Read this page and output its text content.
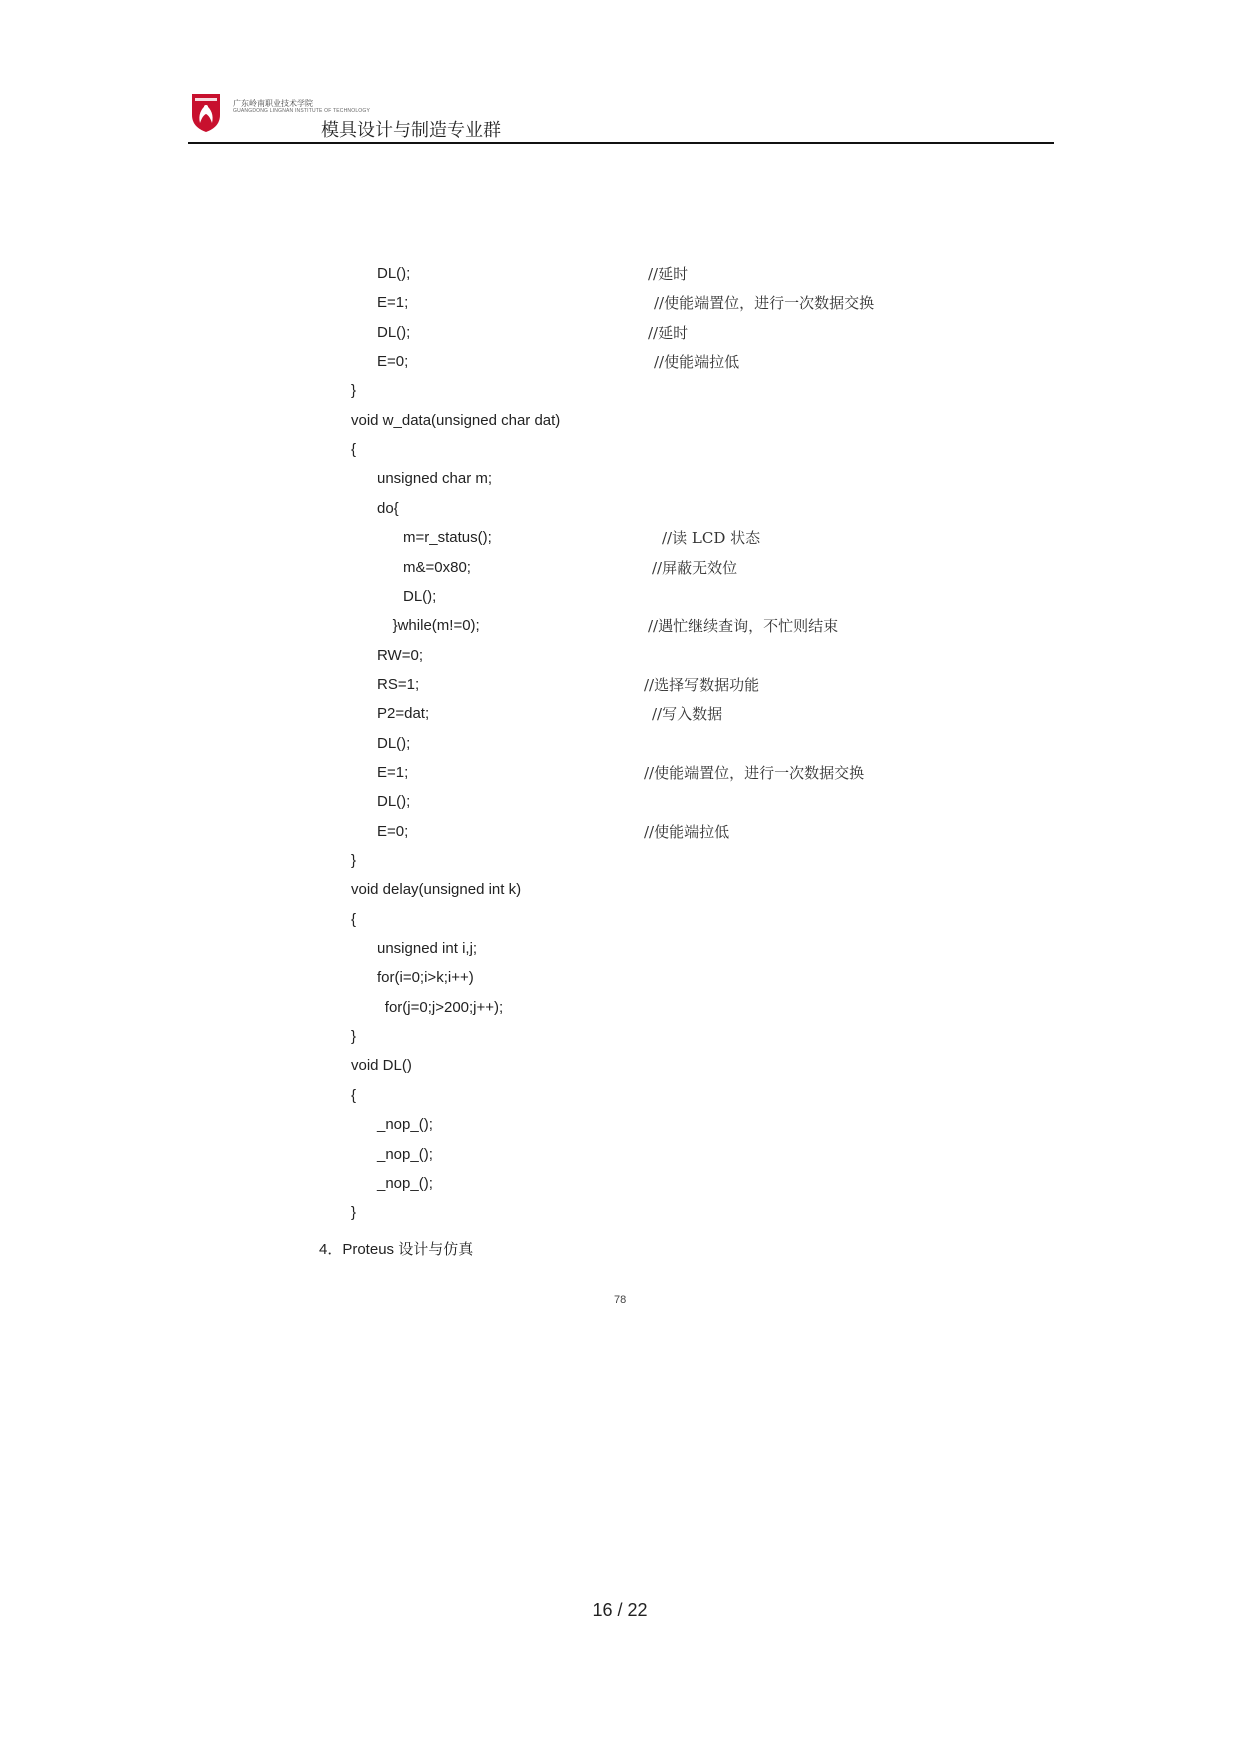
广东岭南职业技术学院
GUANGDONG LINGNAN INSTITUTE OF TECHNOLOGY
模具设计与制造专业群
DL();	//延时
E=1;	//使能端置位，进行一次数据交换
DL();	//延时
E=0;	//使能端拉低
}
void w_data(unsigned char dat)
{
unsigned char m;
do{
m=r_status();	//读 LCD 状态
m&=0x80;	//屏蔽无效位
DL();
}while(m!=0);	//遇忙继续查询，不忙则结束
RW=0;
RS=1;	//选择写数据功能
P2=dat;	//写入数据
DL();
E=1;	//使能端置位，进行一次数据交换
DL();
E=0;	//使能端拉低
}
void delay(unsigned int k)
{
unsigned int i,j;
for(i=0;i>k;i++)
for(j=0;j>200;j++);
}
void DL()
{
_nop_();
_nop_();
_nop_();
}
4．Proteus 设计与仿真
78
16 / 22
